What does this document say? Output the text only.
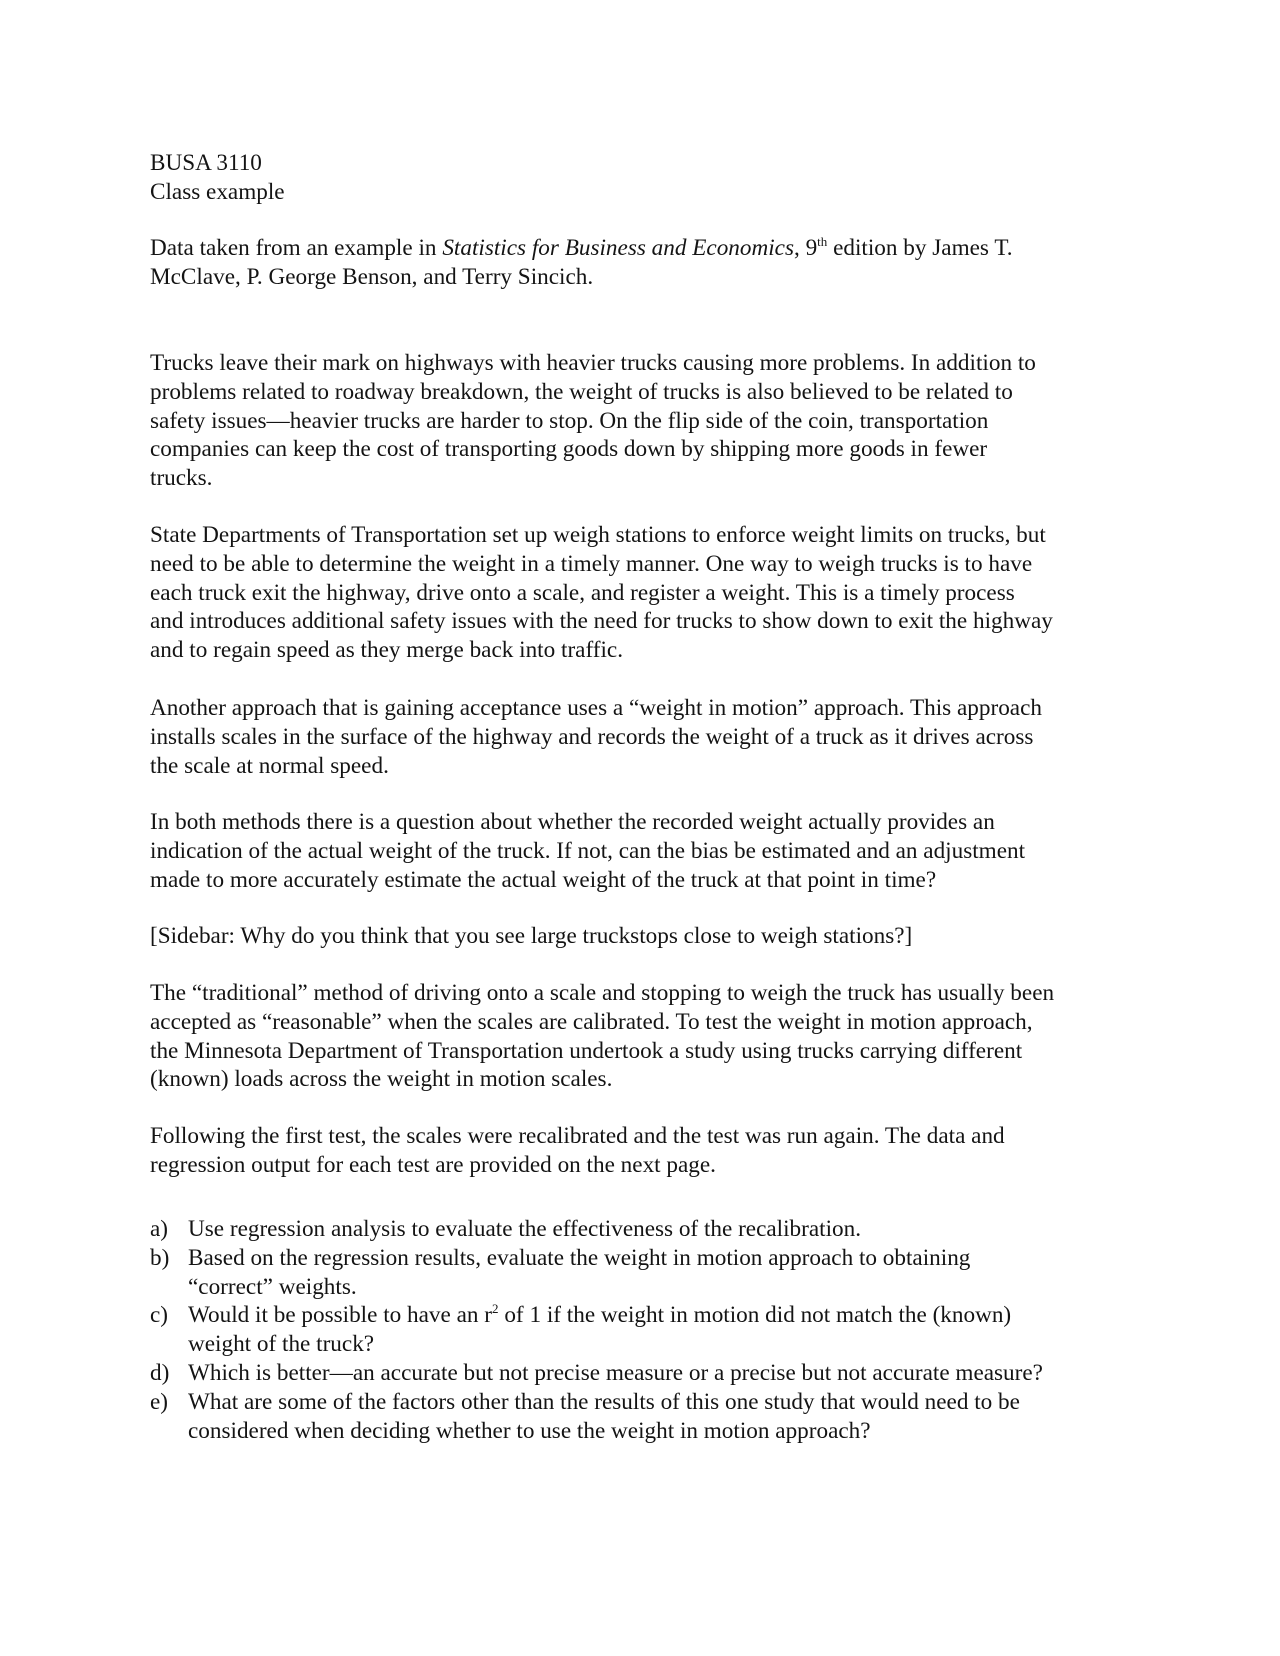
BUSA 3110
Class example
Data taken from an example in Statistics for Business and Economics, 9th edition by James T.
McClave, P. George Benson, and Terry Sincich.
Trucks leave their mark on highways with heavier trucks causing more problems. In addition to
problems related to roadway breakdown, the weight of trucks is also believed to be related to
safety issues—heavier trucks are harder to stop. On the flip side of the coin, transportation
companies can keep the cost of transporting goods down by shipping more goods in fewer
trucks.
State Departments of Transportation set up weigh stations to enforce weight limits on trucks, but
need to be able to determine the weight in a timely manner. One way to weigh trucks is to have
each truck exit the highway, drive onto a scale, and register a weight. This is a timely process
and introduces additional safety issues with the need for trucks to show down to exit the highway
and to regain speed as they merge back into traffic.
Another approach that is gaining acceptance uses a “weight in motion” approach. This approach
installs scales in the surface of the highway and records the weight of a truck as it drives across
the scale at normal speed.
In both methods there is a question about whether the recorded weight actually provides an
indication of the actual weight of the truck. If not, can the bias be estimated and an adjustment
made to more accurately estimate the actual weight of the truck at that point in time?
[Sidebar: Why do you think that you see large truckstops close to weigh stations?]
The “traditional” method of driving onto a scale and stopping to weigh the truck has usually been
accepted as “reasonable” when the scales are calibrated. To test the weight in motion approach,
the Minnesota Department of Transportation undertook a study using trucks carrying different
(known) loads across the weight in motion scales.
Following the first test, the scales were recalibrated and the test was run again. The data and
regression output for each test are provided on the next page.
a) Use regression analysis to evaluate the effectiveness of the recalibration.
b) Based on the regression results, evaluate the weight in motion approach to obtaining
“correct” weights.
c) Would it be possible to have an $r^2$ of 1 if the weight in motion did not match the (known)
weight of the truck?
d) Which is better—an accurate but not precise measure or a precise but not accurate measure?
e) What are some of the factors other than the results of this one study that would need to be
considered when deciding whether to use the weight in motion approach?
